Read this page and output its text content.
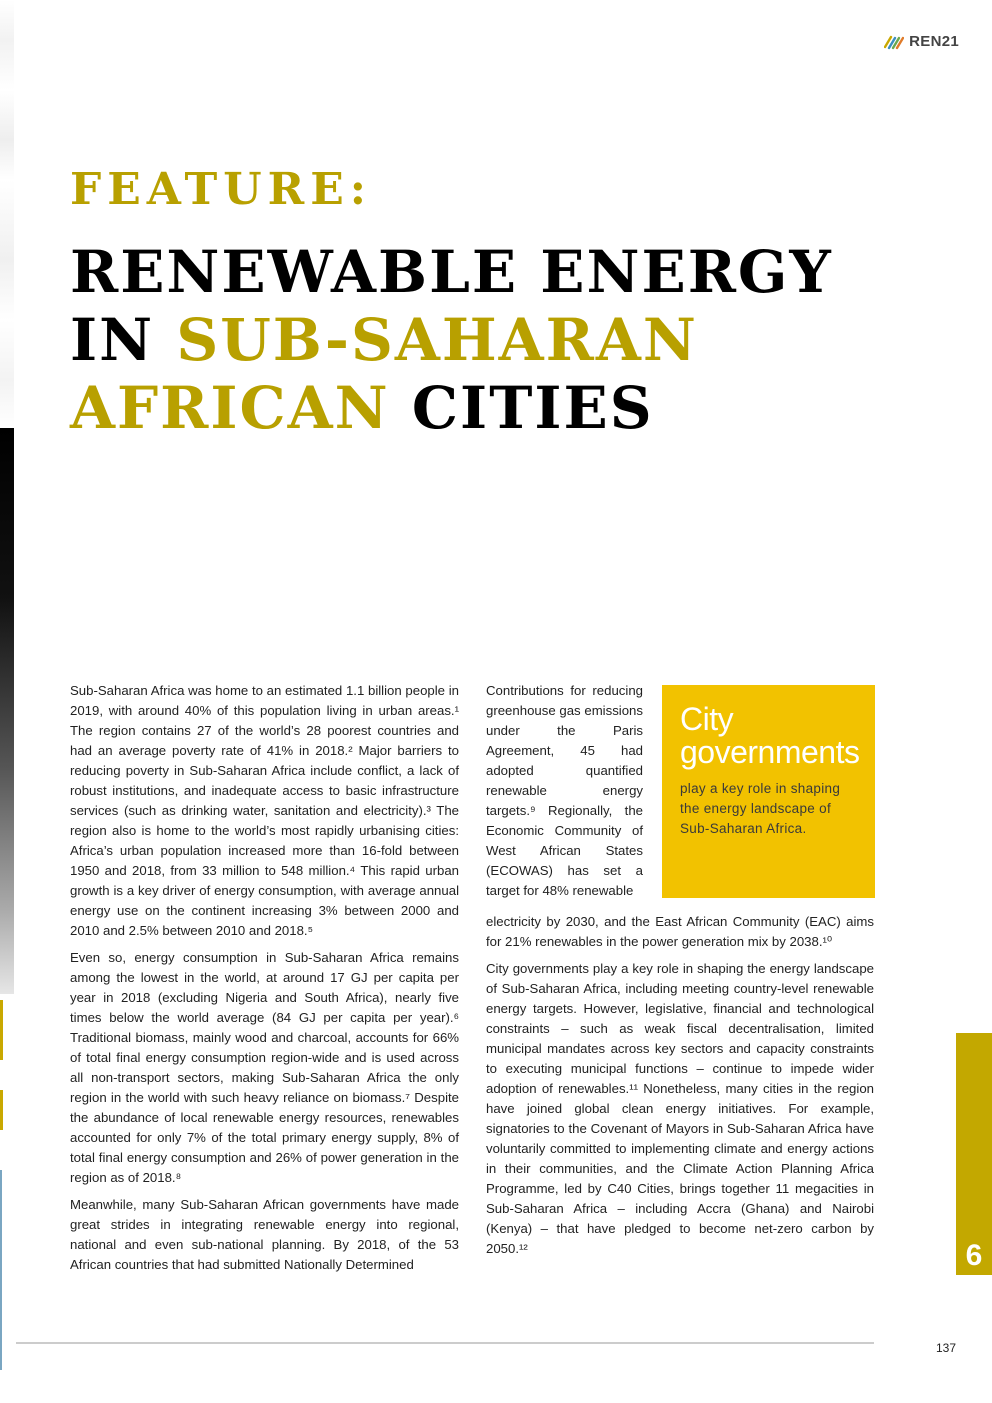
REN21
FEATURE:
RENEWABLE ENERGY
IN SUB-SAHARAN
AFRICAN CITIES

Sub-Saharan Africa was home to an estimated 1.1 billion people in 2019, with around 40% of this population living in urban areas.¹ The region contains 27 of the world’s 28 poorest countries and had an average poverty rate of 41% in 2018.² Major barriers to reducing poverty in Sub-Saharan Africa include conflict, a lack of robust institutions, and inadequate access to basic infrastructure services (such as drinking water, sanitation and electricity).³ The region also is home to the world’s most rapidly urbanising cities: Africa’s urban population increased more than 16-fold between 1950 and 2018, from 33 million to 548 million.⁴ This rapid urban growth is a key driver of energy consumption, with average annual energy use on the continent increasing 3% between 2000 and 2010 and 2.5% between 2010 and 2018.⁵

Even so, energy consumption in Sub-Saharan Africa remains among the lowest in the world, at around 17 GJ per capita per year in 2018 (excluding Nigeria and South Africa), nearly five times below the world average (84 GJ per capita per year).⁶ Traditional biomass, mainly wood and charcoal, accounts for 66% of total final energy consumption region-wide and is used across all non-transport sectors, making Sub-Saharan Africa the only region in the world with such heavy reliance on biomass.⁷ Despite the abundance of local renewable energy resources, renewables accounted for only 7% of the total primary energy supply, 8% of total final energy consumption and 26% of power generation in the region as of 2018.⁸

Meanwhile, many Sub-Saharan African governments have made great strides in integrating renewable energy into regional, national and even sub-national planning. By 2018, of the 53 African countries that had submitted Nationally Determined

Contributions for reducing greenhouse gas emissions under the Paris Agreement, 45 had adopted quantified renewable energy targets.⁹ Regionally, the Economic Community of West African States (ECOWAS) has set a target for 48% renewable

City
governments

play a key role in shaping the energy landscape of Sub-Saharan Africa.

electricity by 2030, and the East African Community (EAC) aims for 21% renewables in the power generation mix by 2038.¹⁰

City governments play a key role in shaping the energy landscape of Sub-Saharan Africa, including meeting country-level renewable energy targets. However, legislative, financial and technological constraints – such as weak fiscal decentralisation, limited municipal mandates across key sectors and capacity constraints to executing municipal functions – continue to impede wider adoption of renewables.¹¹ Nonetheless, many cities in the region have joined global clean energy initiatives. For example, signatories to the Covenant of Mayors in Sub-Saharan Africa have voluntarily committed to implementing climate and energy actions in their communities, and the Climate Action Planning Africa Programme, led by C40 Cities, brings together 11 megacities in Sub-Saharan Africa – including Accra (Ghana) and Nairobi (Kenya) – that have pledged to become net-zero carbon by 2050.¹²	6
137
